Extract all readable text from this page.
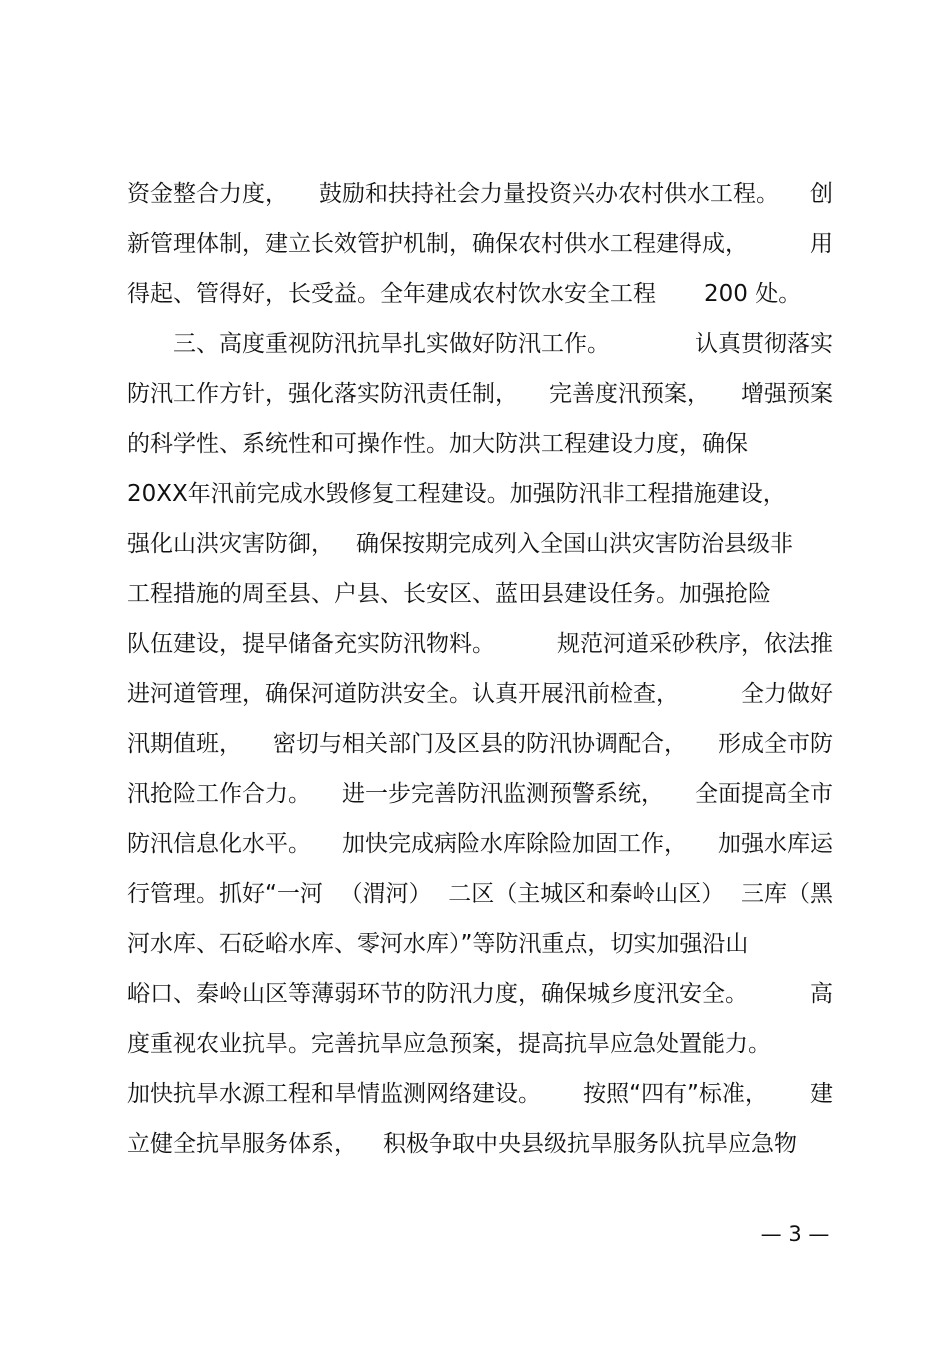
资金整合力度， 鼓励和扶持社会力量投资兴办农村供水工程。 创
新管理体制，建立长效管护机制，确保农村供水工程建得成，	用
得起、管得好，长受益。全年建成农村饮水安全工程 200 处。
　　三、高度重视防汛抗旱扎实做好防汛工作。	认真贯彻落实
防汛工作方针，强化落实防汛责任制， 完善度汛预案， 增强预案
的科学性、系统性和可操作性。加大防洪工程建设力度，确保
20XX年汛前完成水毁修复工程建设。加强防汛非工程措施建设，
强化山洪灾害防御， 确保按期完成列入全国山洪灾害防治县级非
工程措施的周至县、户县、长安区、蓝田县建设任务。加强抢险
队伍建设，提早储备充实防汛物料。	规范河道采砂秩序，依法推
进河道管理，确保河道防洪安全。认真开展汛前检查，	全力做好
汛期值班， 密切与相关部门及区县的防汛协调配合， 形成全市防
汛抢险工作合力。 进一步完善防汛监测预警系统， 全面提高全市
防汛信息化水平。 加快完成病险水库除险加固工作， 加强水库运
行管理。抓好“一河 （渭河） 二区（主城区和秦岭山区） 三库（黑
河水库、石砭峪水库、零河水库）”等防汛重点，切实加强沿山
峪口、秦岭山区等薄弱环节的防汛力度，确保城乡度汛安全。	高
度重视农业抗旱。完善抗旱应急预案，提高抗旱应急处置能力。
加快抗旱水源工程和旱情监测网络建设。 按照“四有”标准， 建
立健全抗旱服务体系， 积极争取中央县级抗旱服务队抗旱应急物
— 3 —
